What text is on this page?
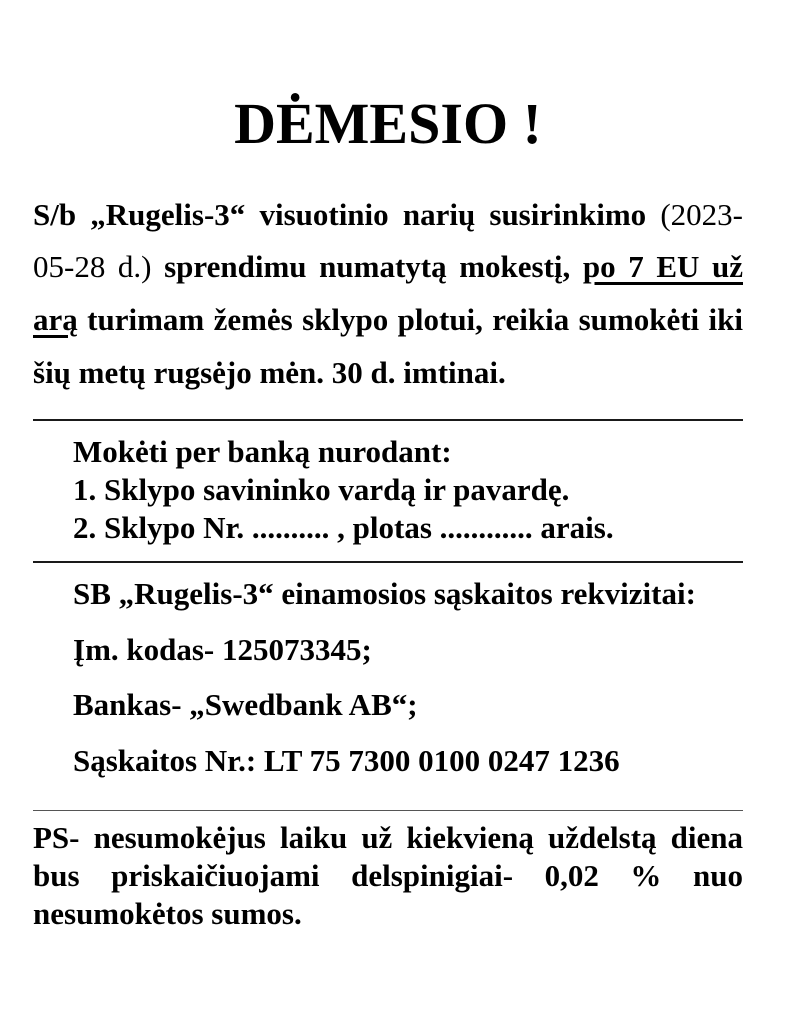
DĖMESIO !

S/b „Rugelis-3“ visuotinio narių susirinkimo (2023-05-28 d.) sprendimu numatytą mokestį, po 7 EU už arą turimam žemės sklypo plotui, reikia sumokėti iki šių metų rugsėjo mėn. 30 d. imtinai.

Mokėti per banką nurodant:

1. Sklypo savininko vardą ir pavardę.

2. Sklypo Nr. .......... , plotas ............ arais.

SB „Rugelis-3“ einamosios sąskaitos rekvizitai:

Įm. kodas- 125073345;

Bankas- „Swedbank AB“;

Sąskaitos Nr.: LT 75 7300 0100 0247 1236

PS- nesumokėjus laiku už kiekvieną uždelstą diena bus priskaičiuojami delspinigiai- 0,02 % nuo nesumokėtos sumos.
